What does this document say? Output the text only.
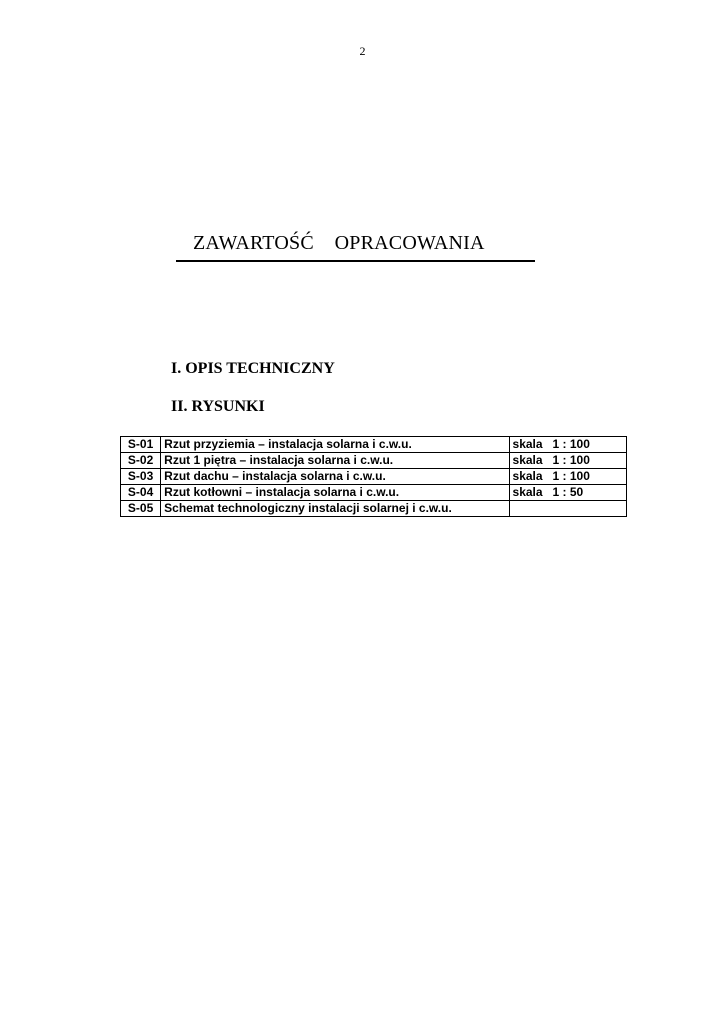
2
ZAWARTOŚĆ    OPRACOWANIA
I. OPIS TECHNICZNY
II. RYSUNKI
S-01	Rzut przyziemia – instalacja solarna i c.w.u.	skala 1 : 100
S-02	Rzut 1 piętra – instalacja solarna i c.w.u.	skala 1 : 100
S-03	Rzut dachu – instalacja solarna i c.w.u.	skala 1 : 100
S-04	Rzut kotłowni – instalacja solarna i c.w.u.	skala 1 : 50
S-05	Schemat technologiczny instalacji solarnej i c.w.u.	
